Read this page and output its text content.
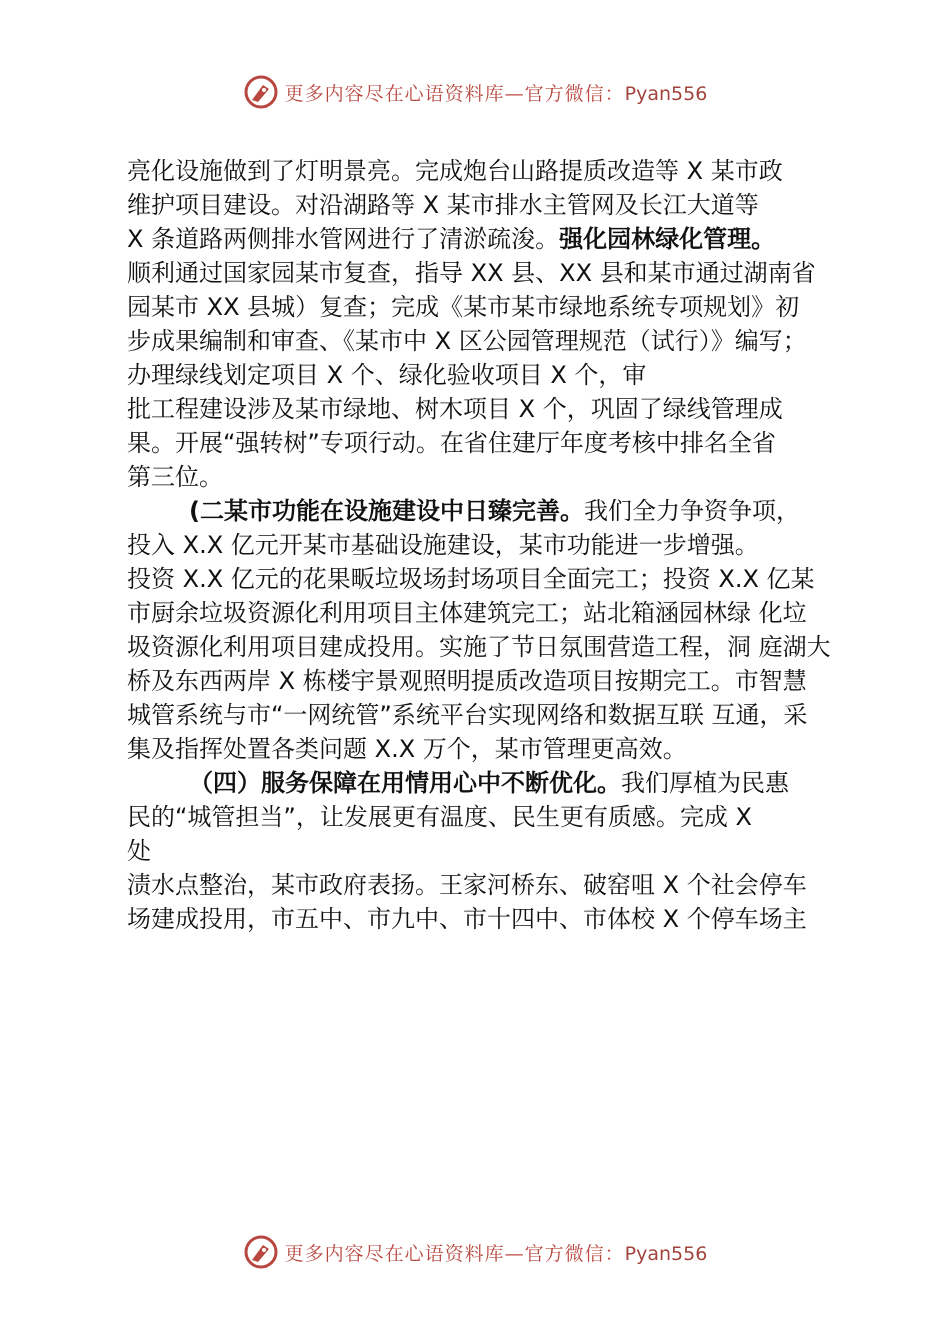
更多内容尽在心语资料库—官方微信：Pyan556
亮化设施做到了灯明景亮。完成炮台山路提质改造等 X 某市政
维护项目建设。对沿湖路等 X 某市排水主管网及长江大道等
X 条道路两侧排水管网进行了清淤疏浚。强化园林绿化管理。
顺利通过国家园某市复查，指导 XX 县、XX 县和某市通过湖南省
园某市 XX 县城）复查；完成《某市某市绿地系统专项规划》初
步成果编制和审查、《某市中 X 区公园管理规范（试行）》编写；
办理绿线划定项目 X 个、绿化验收项目 X 个，审
批工程建设涉及某市绿地、树木项目 X 个，巩固了绿线管理成
果。开展“强转树”专项行动。在省住建厅年度考核中排名全省
第三位。
(二某市功能在设施建设中日臻完善。我们全力争资争项，
投入 X.X 亿元开某市基础设施建设，某市功能进一步增强。
投资 X.X 亿元的花果畈垃圾场封场项目全面完工；投资 X.X 亿某
市厨余垃圾资源化利用项目主体建筑完工；站北箱涵园林绿 化垃
圾资源化利用项目建成投用。实施了节日氛围营造工程，洞 庭湖大
桥及东西两岸 X 栋楼宇景观照明提质改造项目按期完工。市智慧
城管系统与市“一网统管”系统平台实现网络和数据互联 互通，采
集及指挥处置各类问题 X.X 万个，某市管理更高效。
（四）服务保障在用情用心中不断优化。我们厚植为民惠
民的“城管担当”，让发展更有温度、民生更有质感。完成 X
处
渍水点整治，某市政府表扬。王家河桥东、破窑咀 X 个社会停车
场建成投用，市五中、市九中、市十四中、市体校 X 个停车场主
更多内容尽在心语资料库—官方微信：Pyan556
